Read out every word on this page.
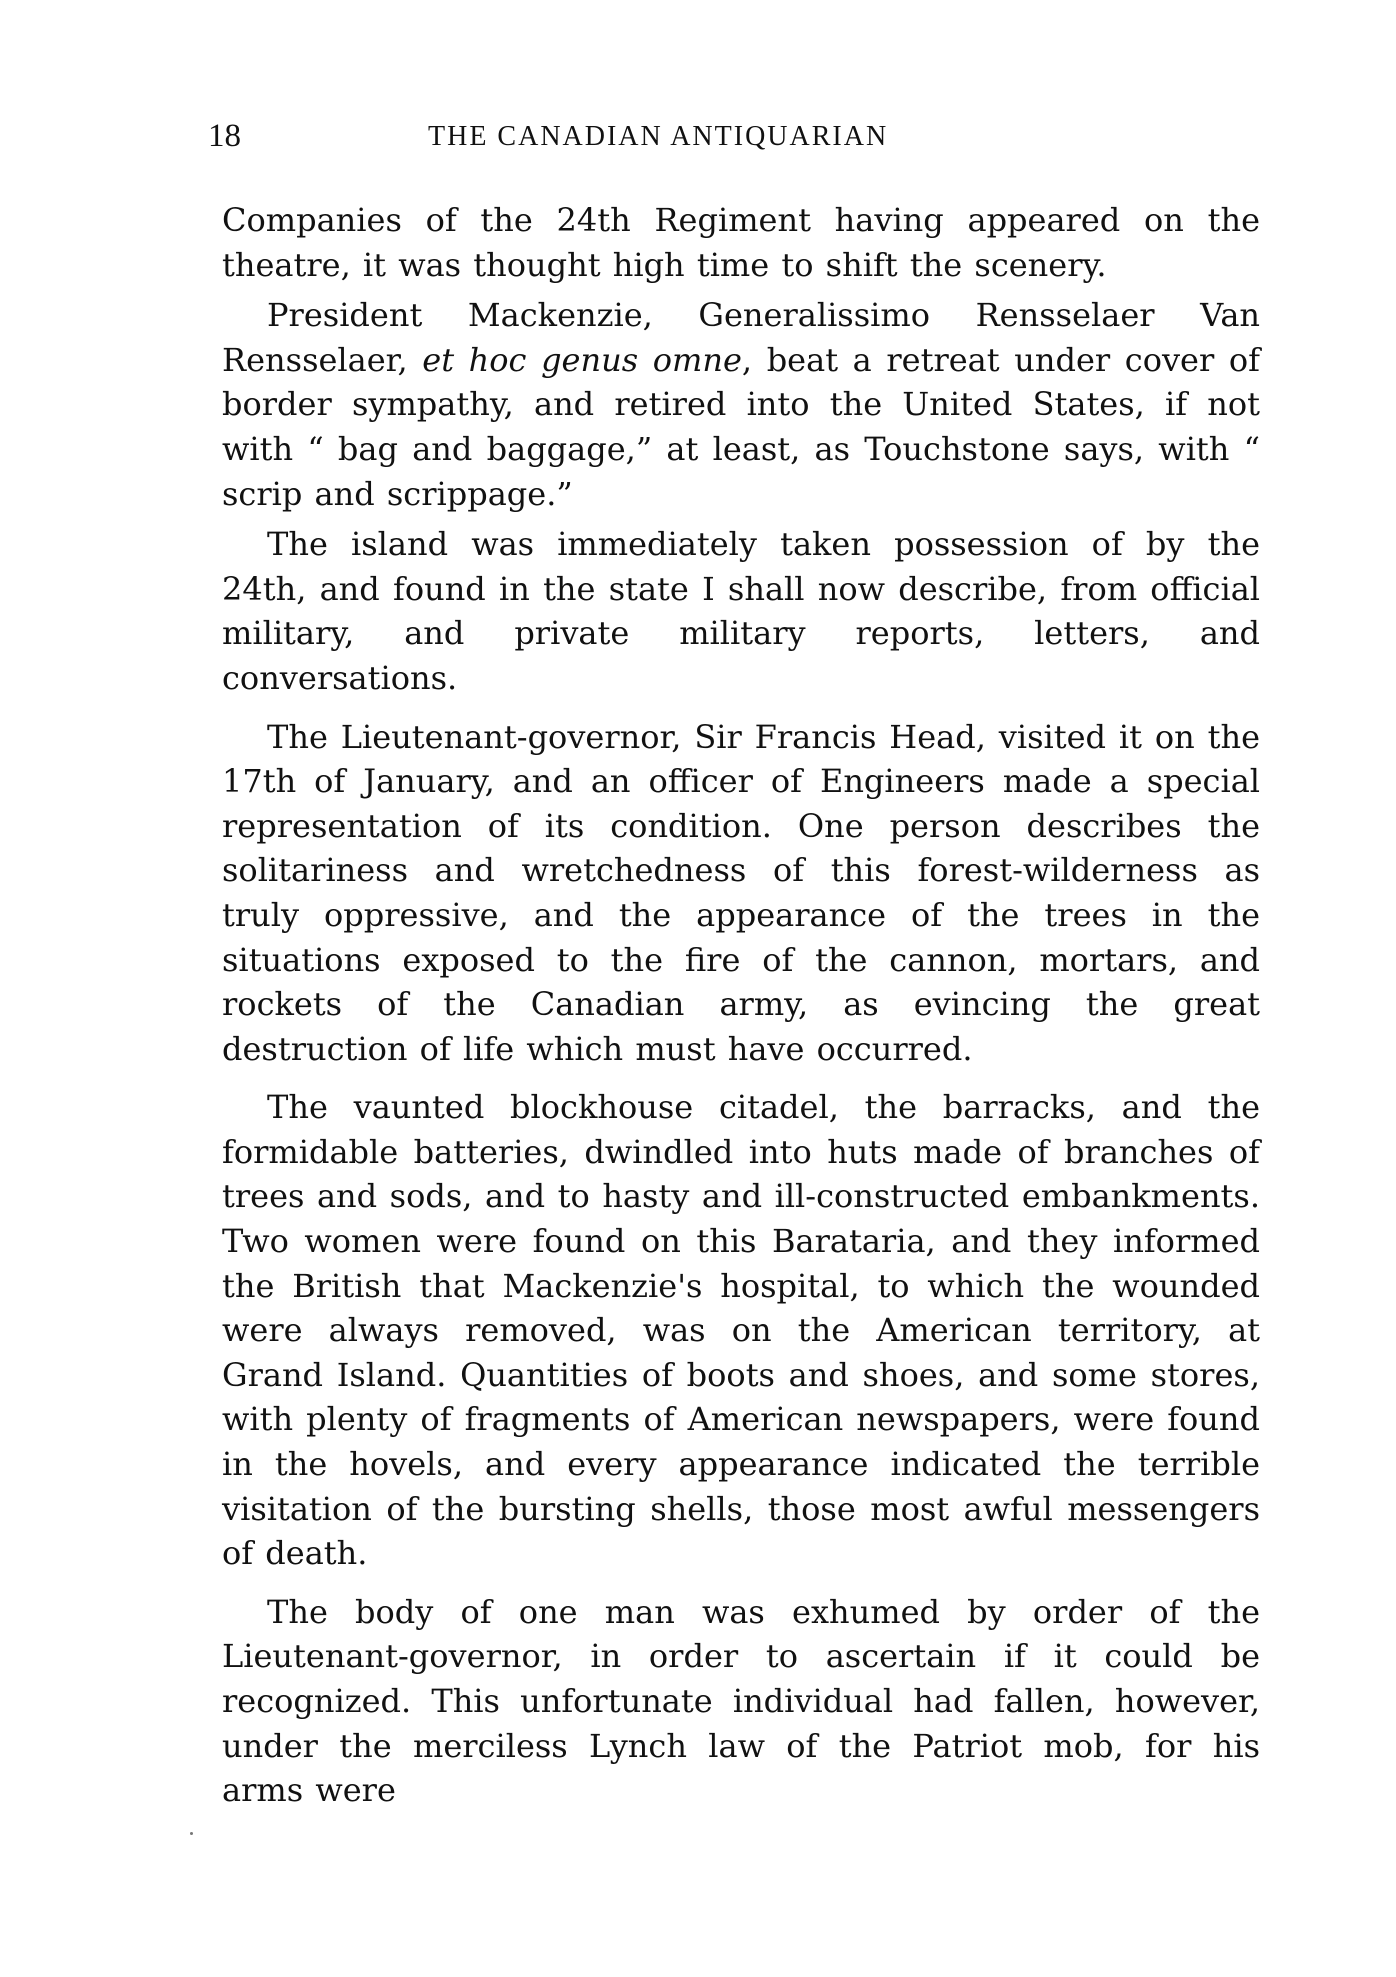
18	THE CANADIAN ANTIQUARIAN

Companies of the 24th Regiment having appeared on the theatre, it was thought high time to shift the scenery.

President Mackenzie, Generalissimo Rensselaer Van Rensselaer, et hoc genus omne, beat a retreat under cover of border sympathy, and retired into the United States, if not with “ bag and baggage,” at least, as Touchstone says, with “ scrip and scrippage.”

The island was immediately taken possession of by the 24th, and found in the state I shall now describe, from official military, and private military reports, letters, and conversations.

The Lieutenant-governor, Sir Francis Head, visited it on the 17th of January, and an officer of Engineers made a special representation of its condition. One person describes the solitariness and wretchedness of this forest-wilderness as truly oppressive, and the appearance of the trees in the situations exposed to the fire of the cannon, mortars, and rockets of the Canadian army, as evincing the great destruction of life which must have occurred.

The vaunted blockhouse citadel, the barracks, and the formidable batteries, dwindled into huts made of branches of trees and sods, and to hasty and ill-constructed embankments. Two women were found on this Barataria, and they informed the British that Mackenzie's hospital, to which the wounded were always removed, was on the American territory, at Grand Island. Quantities of boots and shoes, and some stores, with plenty of fragments of American newspapers, were found in the hovels, and every appearance indicated the terrible visitation of the bursting shells, those most awful messengers of death.

The body of one man was exhumed by order of the Lieutenant-governor, in order to ascertain if it could be recognized. This unfortunate individual had fallen, however, under the merciless Lynch law of the Patriot mob, for his arms were
